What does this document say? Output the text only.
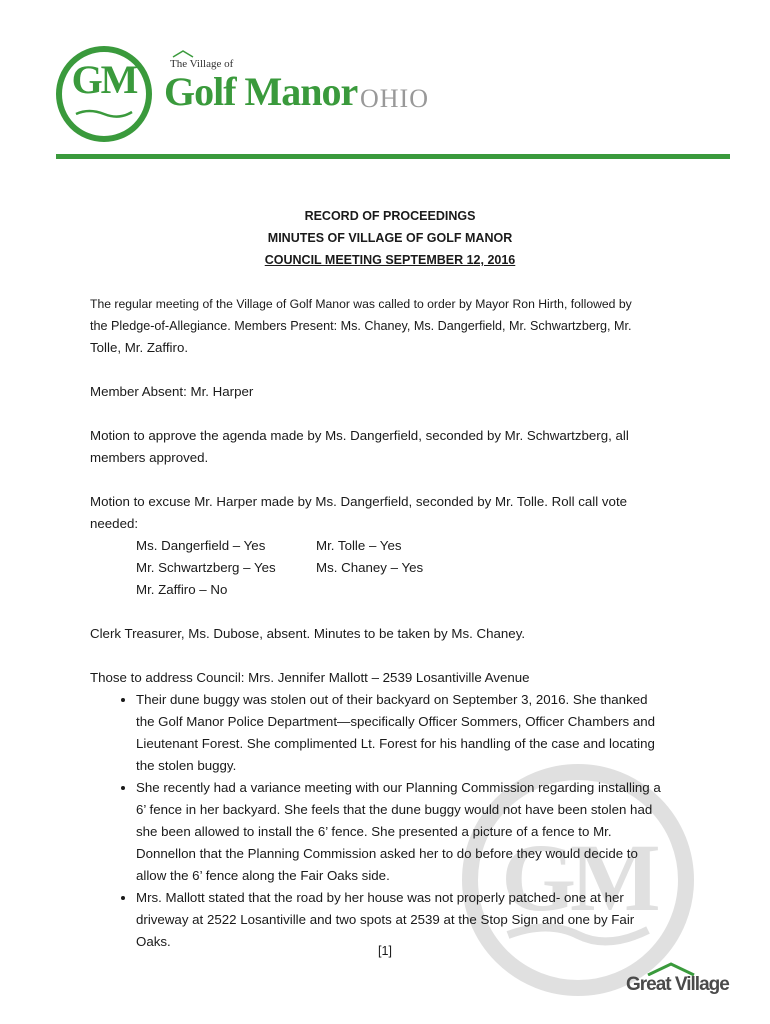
GM	The Village of
Golf Manor OHIO
GM
RECORD OF PROCEEDINGS
MINUTES OF VILLAGE OF GOLF MANOR
COUNCIL MEETING SEPTEMBER 12, 2016

The regular meeting of the Village of Golf Manor was called to order by Mayor Ron Hirth, followed by

the Pledge-of-Allegiance. Members Present: Ms. Chaney, Ms. Dangerfield, Mr. Schwartzberg, Mr.

Tolle, Mr. Zaffiro.

Member Absent: Mr. Harper

Motion to approve the agenda made by Ms. Dangerfield, seconded by Mr. Schwartzberg, all

members approved.

Motion to excuse Mr. Harper made by Ms. Dangerfield, seconded by Mr. Tolle. Roll call vote

needed:

Ms. Dangerfield – Yes	Mr. Tolle – Yes
Mr. Schwartzberg – Yes	Ms. Chaney – Yes
Mr. Zaffiro – No

Clerk Treasurer, Ms. Dubose, absent. Minutes to be taken by Ms. Chaney.

Those to address Council: Mrs. Jennifer Mallott – 2539 Losantiville Avenue

• Their dune buggy was stolen out of their backyard on September 3, 2016. She thanked
the Golf Manor Police Department—specifically Officer Sommers, Officer Chambers and
Lieutenant Forest. She complimented Lt. Forest for his handling of the case and locating
the stolen buggy.
• She recently had a variance meeting with our Planning Commission regarding installing a
6’ fence in her backyard. She feels that the dune buggy would not have been stolen had
she been allowed to install the 6’ fence. She presented a picture of a fence to Mr.
Donnellon that the Planning Commission asked her to do before they would decide to
allow the 6’ fence along the Fair Oaks side.
• Mrs. Mallott stated that the road by her house was not properly patched- one at her
driveway at 2522 Losantiville and two spots at 2539 at the Stop Sign and one by Fair
Oaks.
[1]
Great Village
